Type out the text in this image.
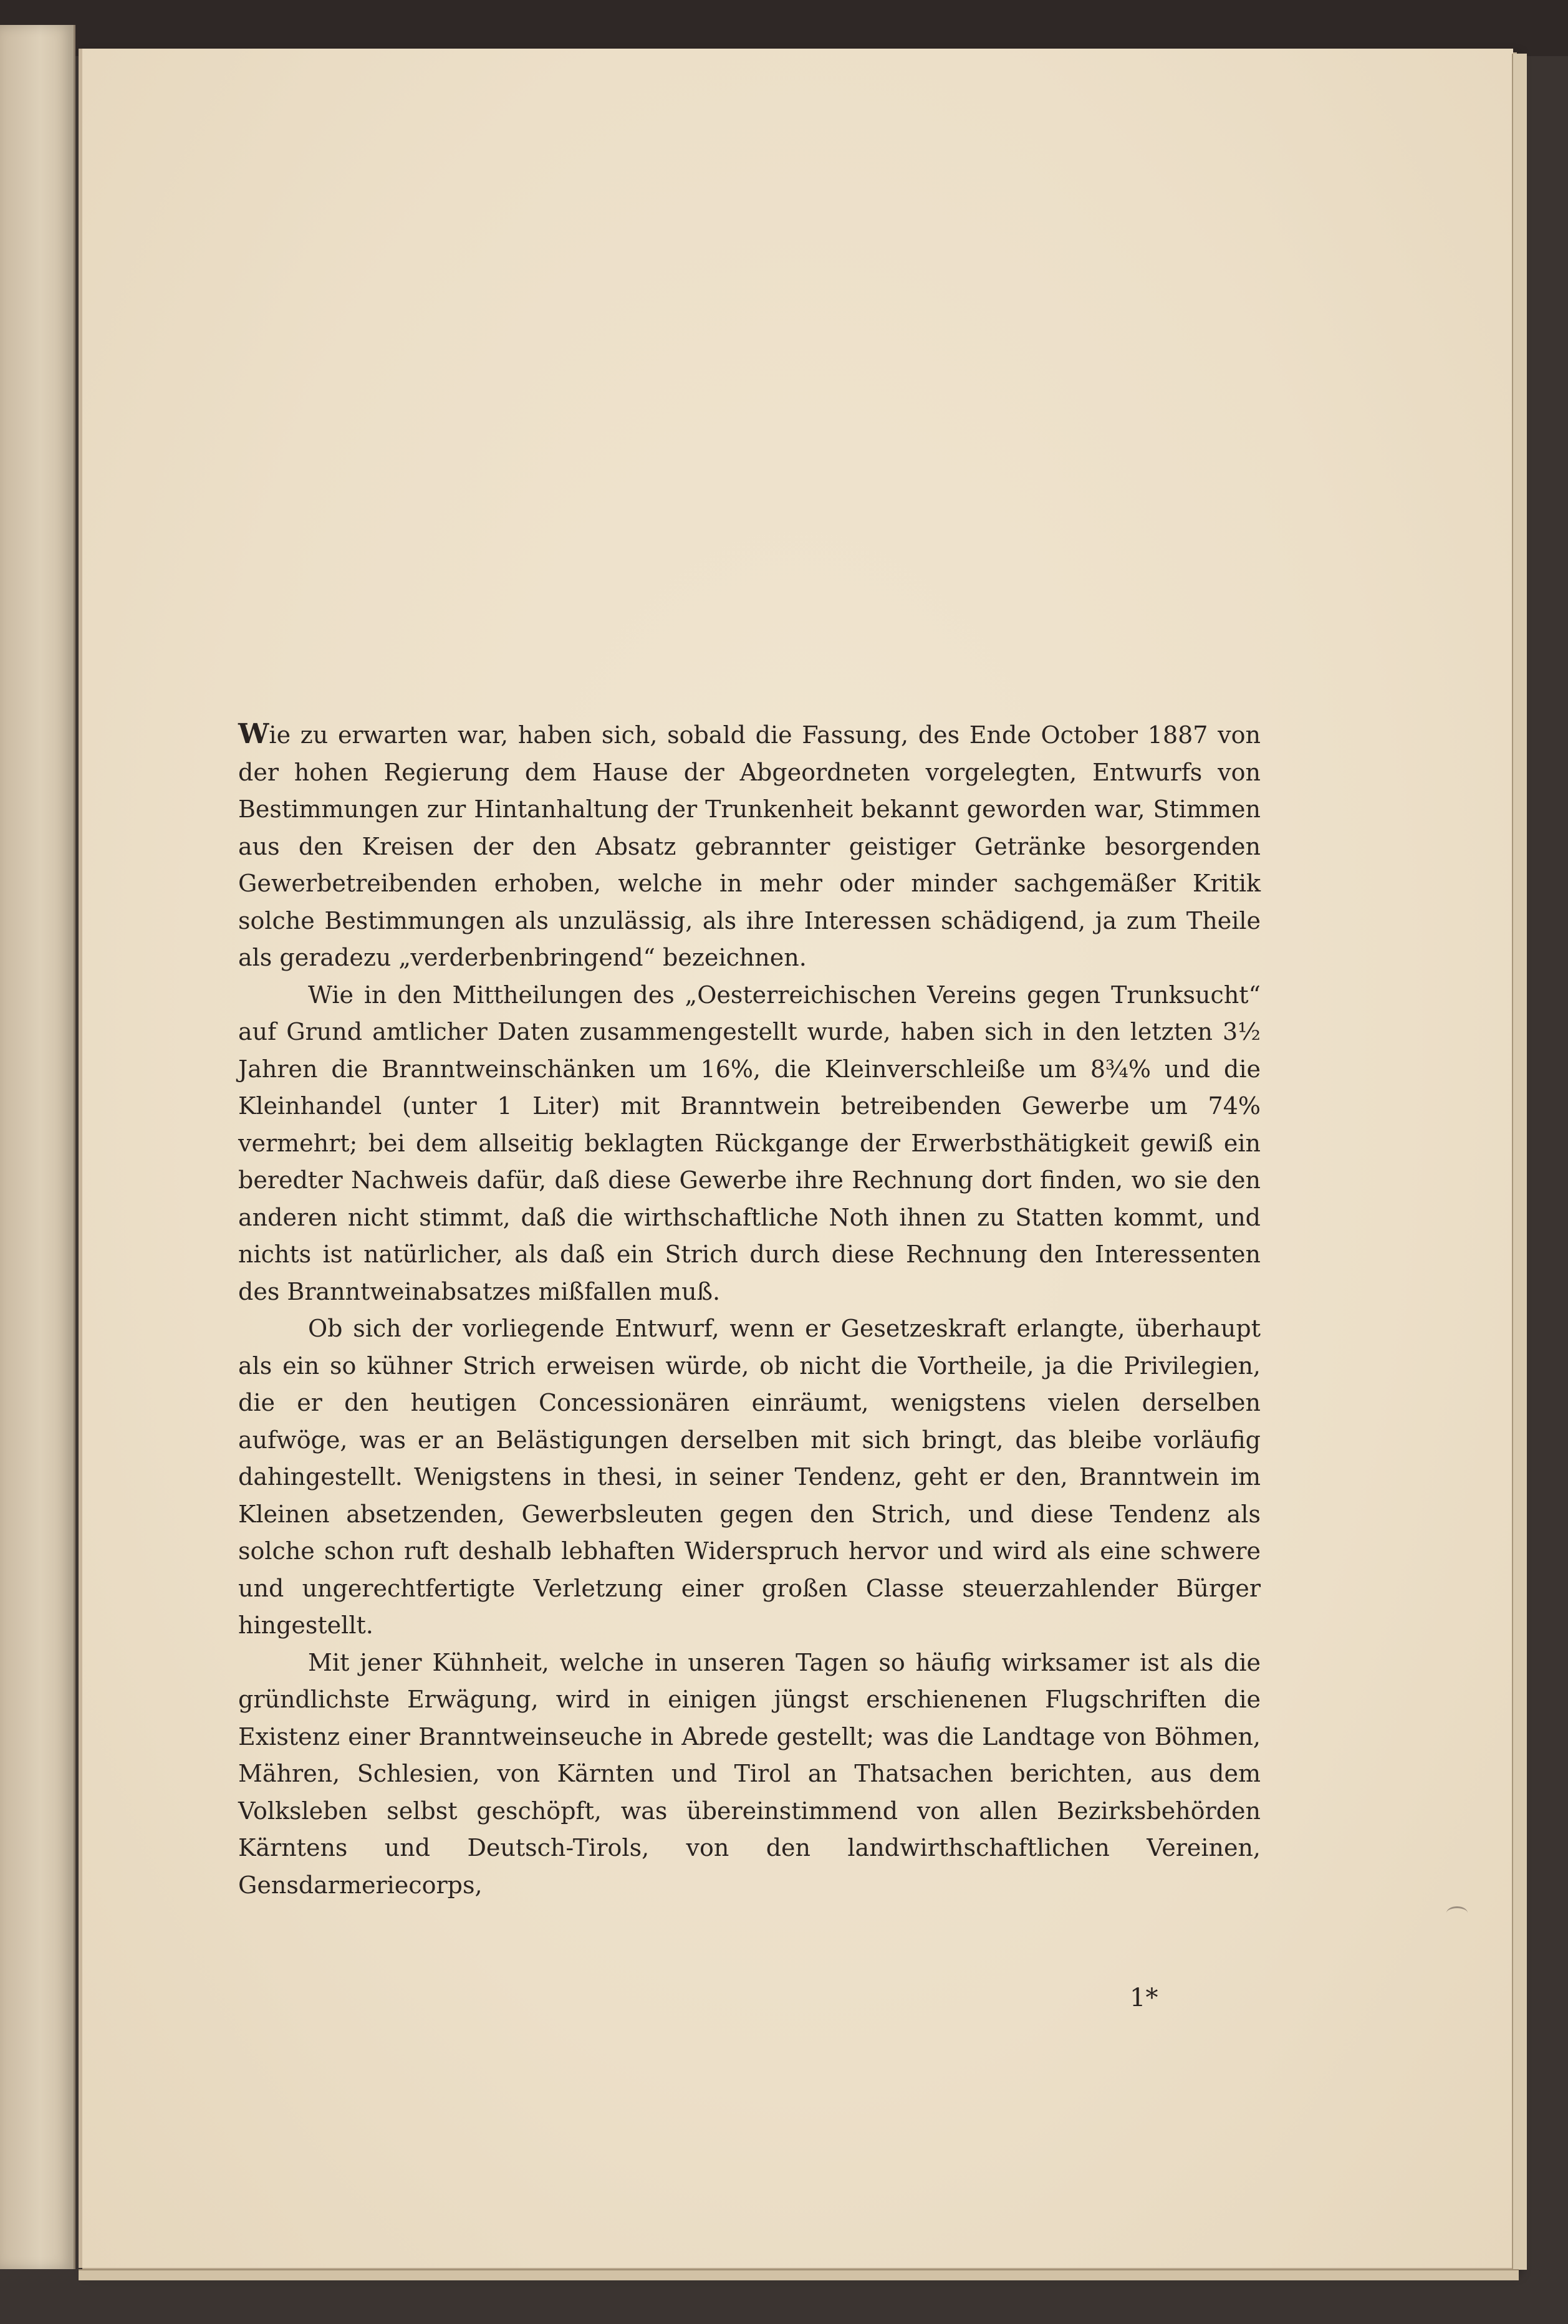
Wie zu erwarten war, haben sich, sobald die Fassung, des Ende October 1887 von der hohen Regierung dem Hause der Abgeordneten vorgelegten, Entwurfs von Bestimmungen zur Hintanhaltung der Trunkenheit bekannt geworden war, Stimmen aus den Kreisen der den Absatz gebrannter geistiger Getränke besorgenden Gewerbetreibenden erhoben, welche in mehr oder minder sachgemäßer Kritik solche Bestimmungen als unzulässig, als ihre Interessen schädigend, ja zum Theile als geradezu „verderbenbringend“ bezeichnen.

Wie in den Mittheilungen des „Oesterreichischen Vereins gegen Trunksucht“ auf Grund amtlicher Daten zusammengestellt wurde, haben sich in den letzten 3½ Jahren die Branntweinschänken um 16%, die Kleinverschleiße um 8¾% und die Kleinhandel (unter 1 Liter) mit Branntwein betreibenden Gewerbe um 74% vermehrt; bei dem allseitig beklagten Rückgange der Erwerbsthätigkeit gewiß ein beredter Nachweis dafür, daß diese Gewerbe ihre Rechnung dort finden, wo sie den anderen nicht stimmt, daß die wirthschaftliche Noth ihnen zu Statten kommt, und nichts ist natürlicher, als daß ein Strich durch diese Rechnung den Interessenten des Branntweinabsatzes mißfallen muß.

Ob sich der vorliegende Entwurf, wenn er Gesetzeskraft erlangte, überhaupt als ein so kühner Strich erweisen würde, ob nicht die Vortheile, ja die Privilegien, die er den heutigen Concessionären einräumt, wenigstens vielen derselben aufwöge, was er an Belästigungen derselben mit sich bringt, das bleibe vorläufig dahingestellt. Wenigstens in thesi, in seiner Tendenz, geht er den, Branntwein im Kleinen absetzenden, Gewerbsleuten gegen den Strich, und diese Tendenz als solche schon ruft deshalb lebhaften Widerspruch hervor und wird als eine schwere und ungerechtfertigte Verletzung einer großen Classe steuerzahlender Bürger hingestellt.

Mit jener Kühnheit, welche in unseren Tagen so häufig wirksamer ist als die gründlichste Erwägung, wird in einigen jüngst erschienenen Flugschriften die Existenz einer Branntweinseuche in Abrede gestellt; was die Landtage von Böhmen, Mähren, Schlesien, von Kärnten und Tirol an Thatsachen berichten, aus dem Volksleben selbst geschöpft, was übereinstimmend von allen Bezirksbehörden Kärntens und Deutsch-Tirols, von den landwirthschaftlichen Vereinen, Gensdarmeriecorps,

1*
